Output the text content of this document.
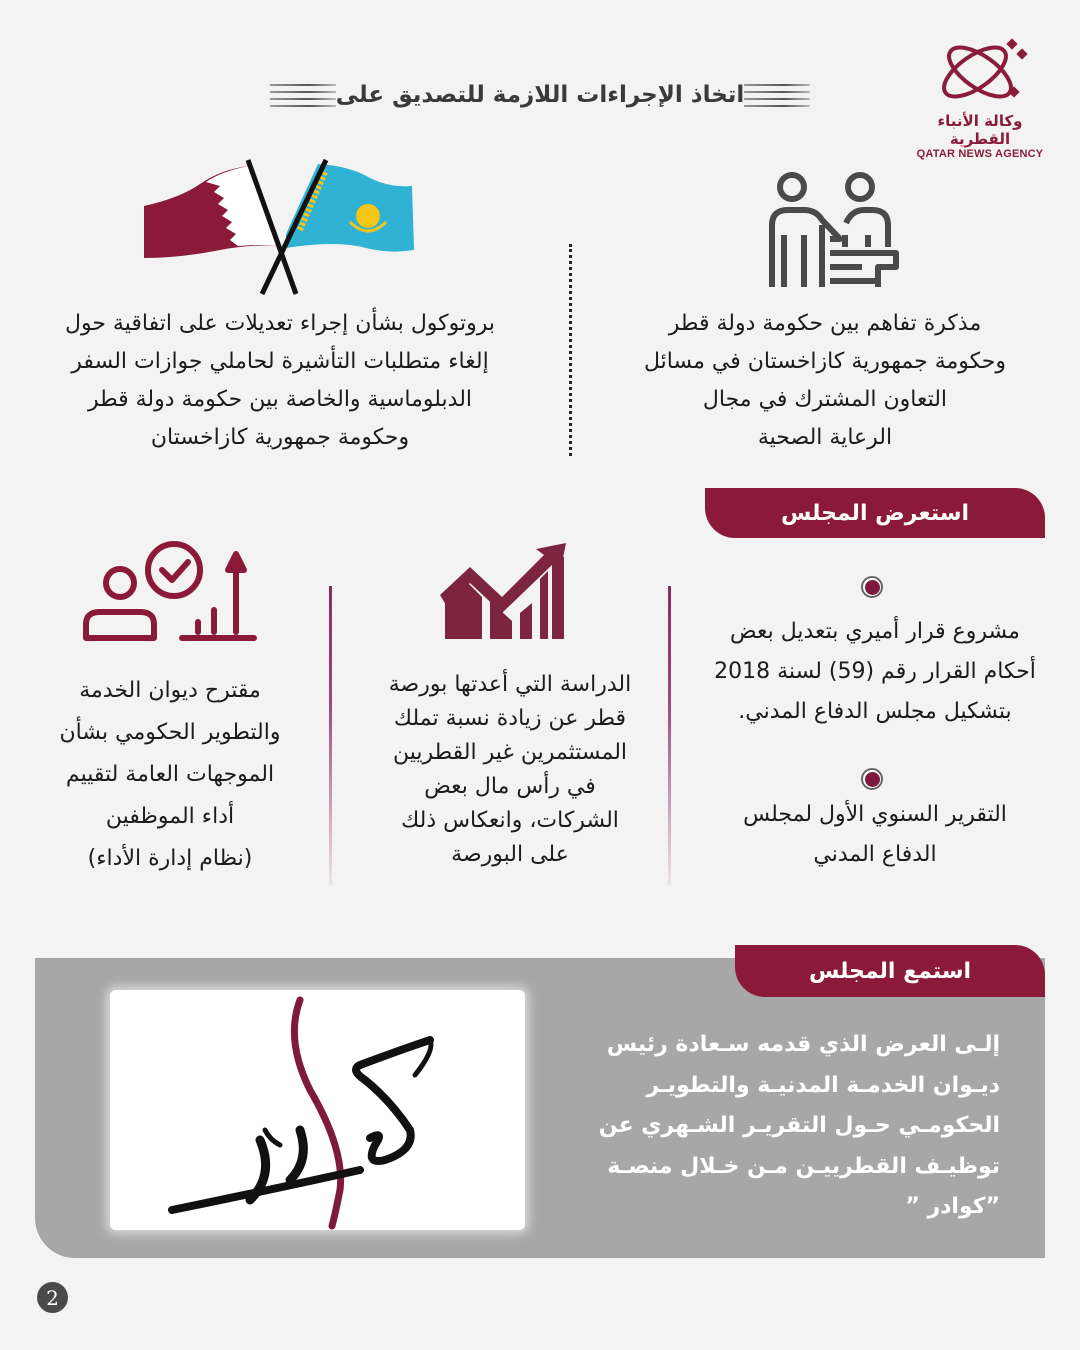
وكالة الأنباء القطرية
QATAR NEWS AGENCY
اتخاذ الإجراءات اللازمة للتصديق على
مذكرة تفاهم بين حكومة دولة قطر
وحكومة جمهورية كازاخستان في مسائل
التعاون المشترك في مجال
الرعاية الصحية
بروتوكول بشأن إجراء تعديلات على اتفاقية حول
إلغاء متطلبات التأشيرة لحاملي جوازات السفر
الدبلوماسية والخاصة بين حكومة دولة قطر
وحكومة جمهورية كازاخستان
استعرض المجلس
مشروع قرار أميري بتعديل بعض
أحكام القرار رقم (59) لسنة 2018
بتشكيل مجلس الدفاع المدني.
التقرير السنوي الأول لمجلس
الدفاع المدني
الدراسة التي أعدتها بورصة
قطر عن زيادة نسبة تملك
المستثمرين غير القطريين
في رأس مال بعض
الشركات، وانعكاس ذلك
على البورصة
مقترح ديوان الخدمة
والتطوير الحكومي بشأن
الموجهات العامة لتقييم
أداء الموظفين
(نظام إدارة الأداء)
استمع المجلس
إلـى العرض الذي قدمه سـعادة رئيس
ديـوان الخدمـة المدنيـة والتطويـر
الحكومـي حـول التقريـر الشـهري عن
توظيـف القطرييـن مـن خـلال منصـة
”كوادر ”
2
